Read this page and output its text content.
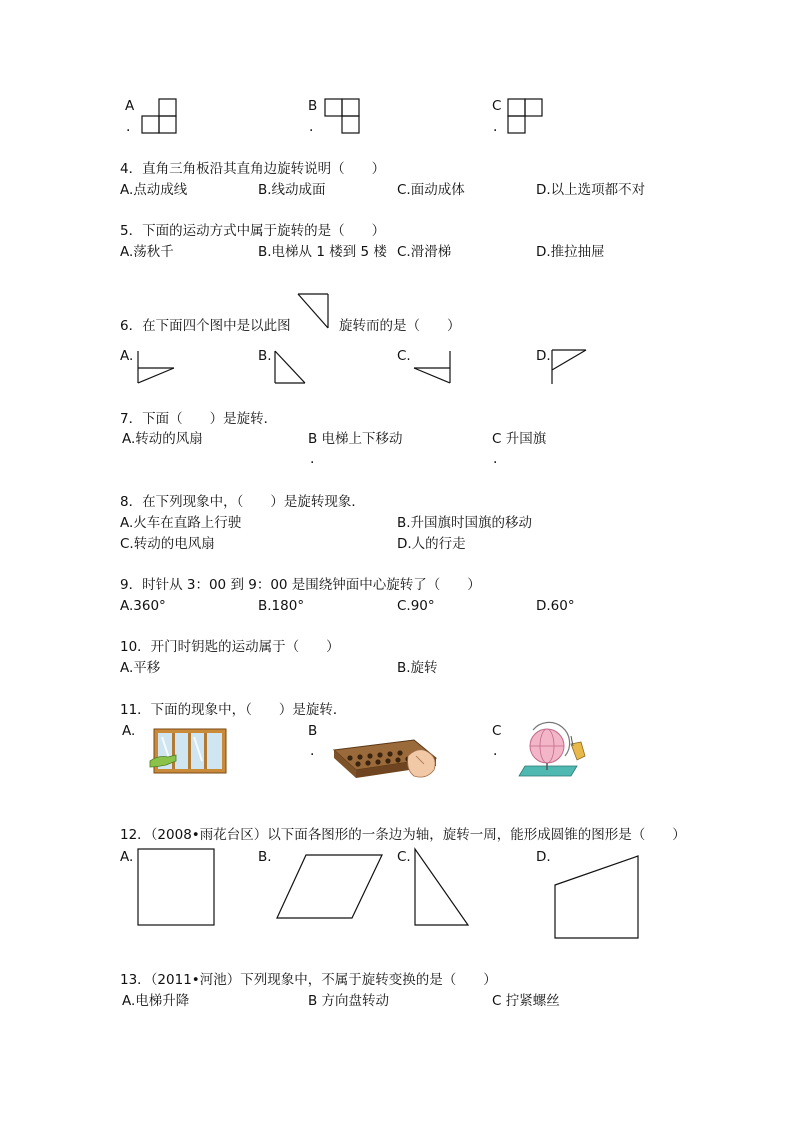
A
.
B
.
C
.
4．直角三角板沿其直角边旋转说明（　　）
A.点动成线	B.线动成面	C.面动成体	D.以上选项都不对
5．下面的运动方式中属于旋转的是（　　）
A.荡秋千	B.电梯从 1 楼到 5 楼 C.滑滑梯	D.推拉抽屉
6．在下面四个图中是以此图	旋转而的是（　　）
A.	B.	C.	D.
7．下面（　　）是旋转．
A.转动的风扇	B 电梯上下移动	C 升国旗
.	.
8．在下列现象中，（　　）是旋转现象．
A.火车在直路上行驶	B.升国旗时国旗的移动
C.转动的电风扇	D.人的行走
9．时针从 3：00 到 9：00 是围绕钟面中心旋转了（　　）
A.360°	B.180°	C.90°	D.60°
10．开门时钥匙的运动属于（　　）
A.平移	B.旋转
11．下面的现象中，（　　）是旋转．
A.	B	C
.	.
12．（2008•雨花台区）以下面各图形的一条边为轴，旋转一周，能形成圆锥的图形是（　　）
A.	B.	C.	D.
13．（2011•河池）下列现象中，不属于旋转变换的是（　　）
A.电梯升降	B 方向盘转动	C 拧紧螺丝
